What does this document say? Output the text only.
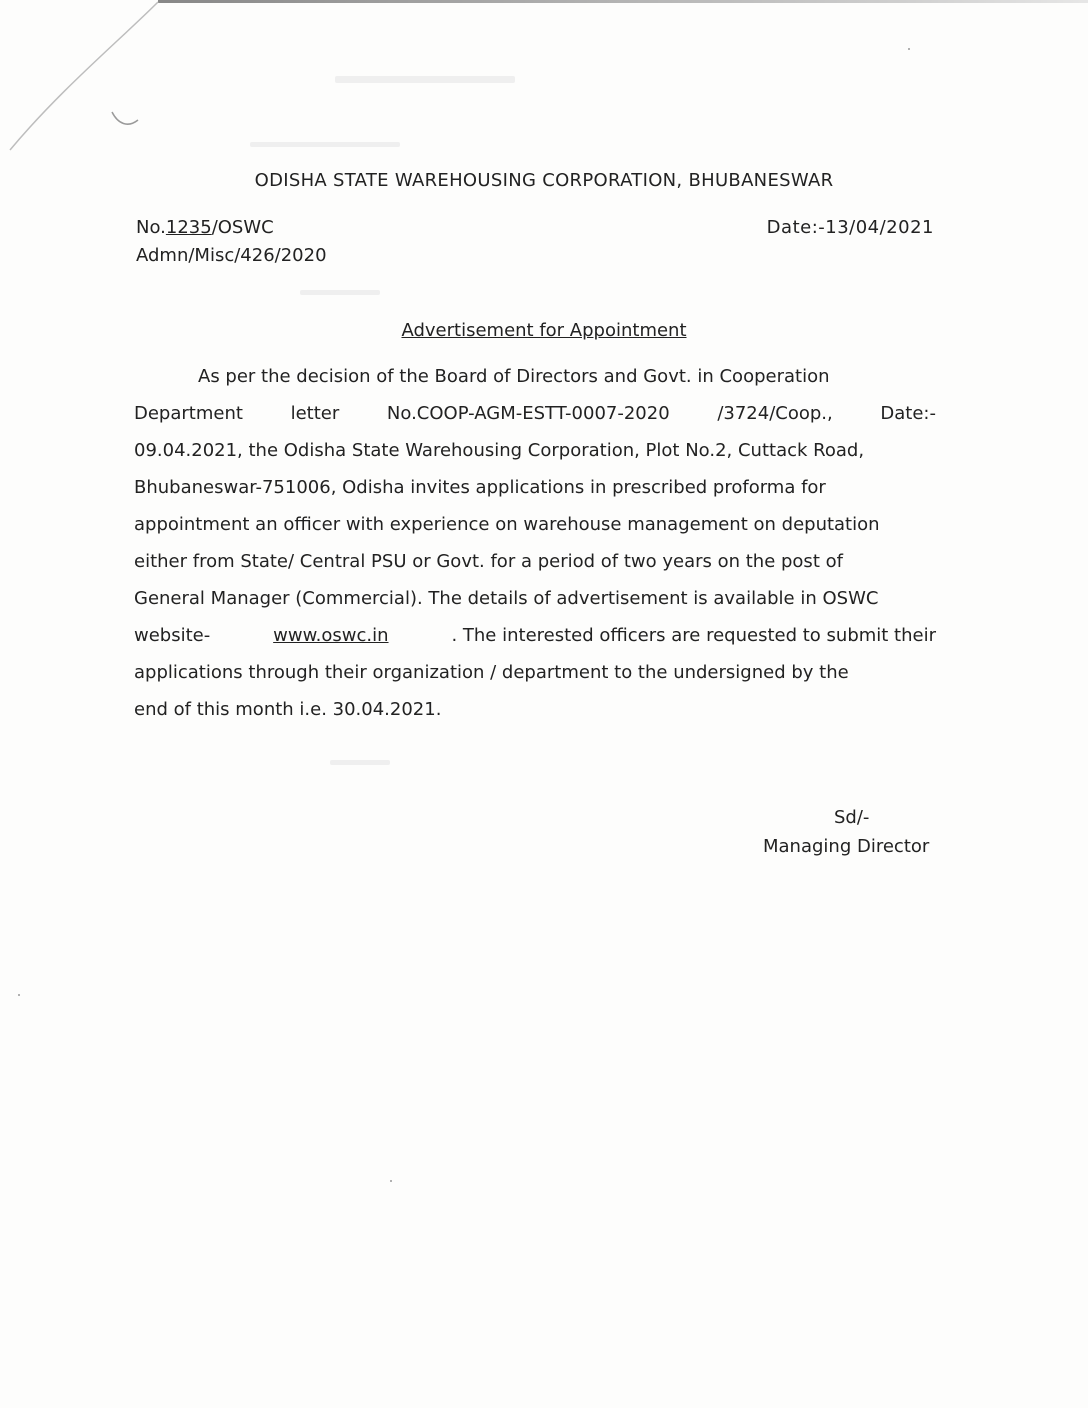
ODISHA STATE WAREHOUSING CORPORATION, BHUBANESWAR
No.1235/OSWC
Admn/Misc/426/2020
Date:-13/04/2021
Advertisement for Appointment
As per the decision of the Board of Directors and Govt. in Cooperation
Department	letter	No.COOP-AGM-ESTT-0007-2020	/3724/Coop.,	Date:-
09.04.2021, the Odisha State Warehousing Corporation, Plot No.2, Cuttack Road,
Bhubaneswar-751006, Odisha invites applications in prescribed proforma for
appointment an officer with experience on warehouse management on deputation
either from State/ Central PSU or Govt. for a period of two years on the post of
General Manager (Commercial). The details of advertisement is available in OSWC
website-	www.oswc.in	. The interested officers are requested to submit their
applications through their organization / department to the undersigned by the
end of this month i.e. 30.04.2021.
Sd/-
Managing Director
